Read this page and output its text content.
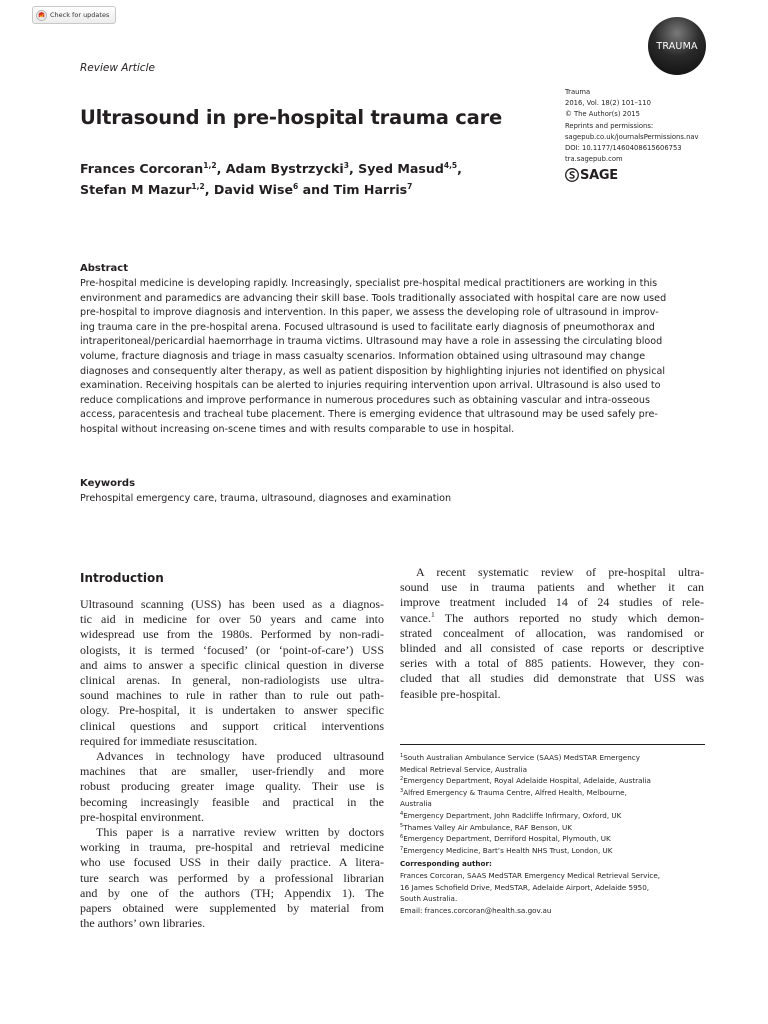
Check for updates
TRAUMA
Review Article
Trauma
2016, Vol. 18(2) 101–110
© The Author(s) 2015
Reprints and permissions:
sagepub.co.uk/journalsPermissions.nav
DOI: 10.1177/1460408615606753
tra.sagepub.com
SAGE
Ultrasound in pre-hospital trauma care
Frances Corcoran$^{1,2}$, Adam Bystrzycki$^3$, Syed Masud$^{4,5}$,
Stefan M Mazur$^{1,2}$, David Wise$^6$ and Tim Harris$^7$
Abstract
Pre-hospital medicine is developing rapidly. Increasingly, specialist pre-hospital medical practitioners are working in this
environment and paramedics are advancing their skill base. Tools traditionally associated with hospital care are now used
pre-hospital to improve diagnosis and intervention. In this paper, we assess the developing role of ultrasound in improv-
ing trauma care in the pre-hospital arena. Focused ultrasound is used to facilitate early diagnosis of pneumothorax and
intraperitoneal/pericardial haemorrhage in trauma victims. Ultrasound may have a role in assessing the circulating blood
volume, fracture diagnosis and triage in mass casualty scenarios. Information obtained using ultrasound may change
diagnoses and consequently alter therapy, as well as patient disposition by highlighting injuries not identified on physical
examination. Receiving hospitals can be alerted to injuries requiring intervention upon arrival. Ultrasound is also used to
reduce complications and improve performance in numerous procedures such as obtaining vascular and intra-osseous
access, paracentesis and tracheal tube placement. There is emerging evidence that ultrasound may be used safely pre-
hospital without increasing on-scene times and with results comparable to use in hospital.
Keywords
Prehospital emergency care, trauma, ultrasound, diagnoses and examination
Introduction
Ultrasound scanning (USS) has been used as a diagnos-
tic aid in medicine for over 50 years and came into
widespread use from the 1980s. Performed by non-radi-
ologists, it is termed ‘focused’ (or ‘point-of-care’) USS
and aims to answer a specific clinical question in diverse
clinical arenas. In general, non-radiologists use ultra-
sound machines to rule in rather than to rule out path-
ology. Pre-hospital, it is undertaken to answer specific
clinical questions and support critical interventions
required for immediate resuscitation.
Advances in technology have produced ultrasound
machines that are smaller, user-friendly and more
robust producing greater image quality. Their use is
becoming increasingly feasible and practical in the
pre-hospital environment.
This paper is a narrative review written by doctors
working in trauma, pre-hospital and retrieval medicine
who use focused USS in their daily practice. A litera-
ture search was performed by a professional librarian
and by one of the authors (TH; Appendix 1). The
papers obtained were supplemented by material from
the authors’ own libraries.
A recent systematic review of pre-hospital ultra-
sound use in trauma patients and whether it can
improve treatment included 14 of 24 studies of rele-
vance.$^1$ The authors reported no study which demon-
strated concealment of allocation, was randomised or
blinded and all consisted of case reports or descriptive
series with a total of 885 patients. However, they con-
cluded that all studies did demonstrate that USS was
feasible pre-hospital.
$^1$South Australian Ambulance Service (SAAS) MedSTAR Emergency
Medical Retrieval Service, Australia
$^2$Emergency Department, Royal Adelaide Hospital, Adelaide, Australia
$^3$Alfred Emergency & Trauma Centre, Alfred Health, Melbourne,
Australia
$^4$Emergency Department, John Radcliffe Infirmary, Oxford, UK
$^5$Thames Valley Air Ambulance, RAF Benson, UK
$^6$Emergency Department, Derriford Hospital, Plymouth, UK
$^7$Emergency Medicine, Bart’s Health NHS Trust, London, UK
Corresponding author:
Frances Corcoran, SAAS MedSTAR Emergency Medical Retrieval Service,
16 James Schofield Drive, MedSTAR, Adelaide Airport, Adelaide 5950,
South Australia.
Email: frances.corcoran@health.sa.gov.au
